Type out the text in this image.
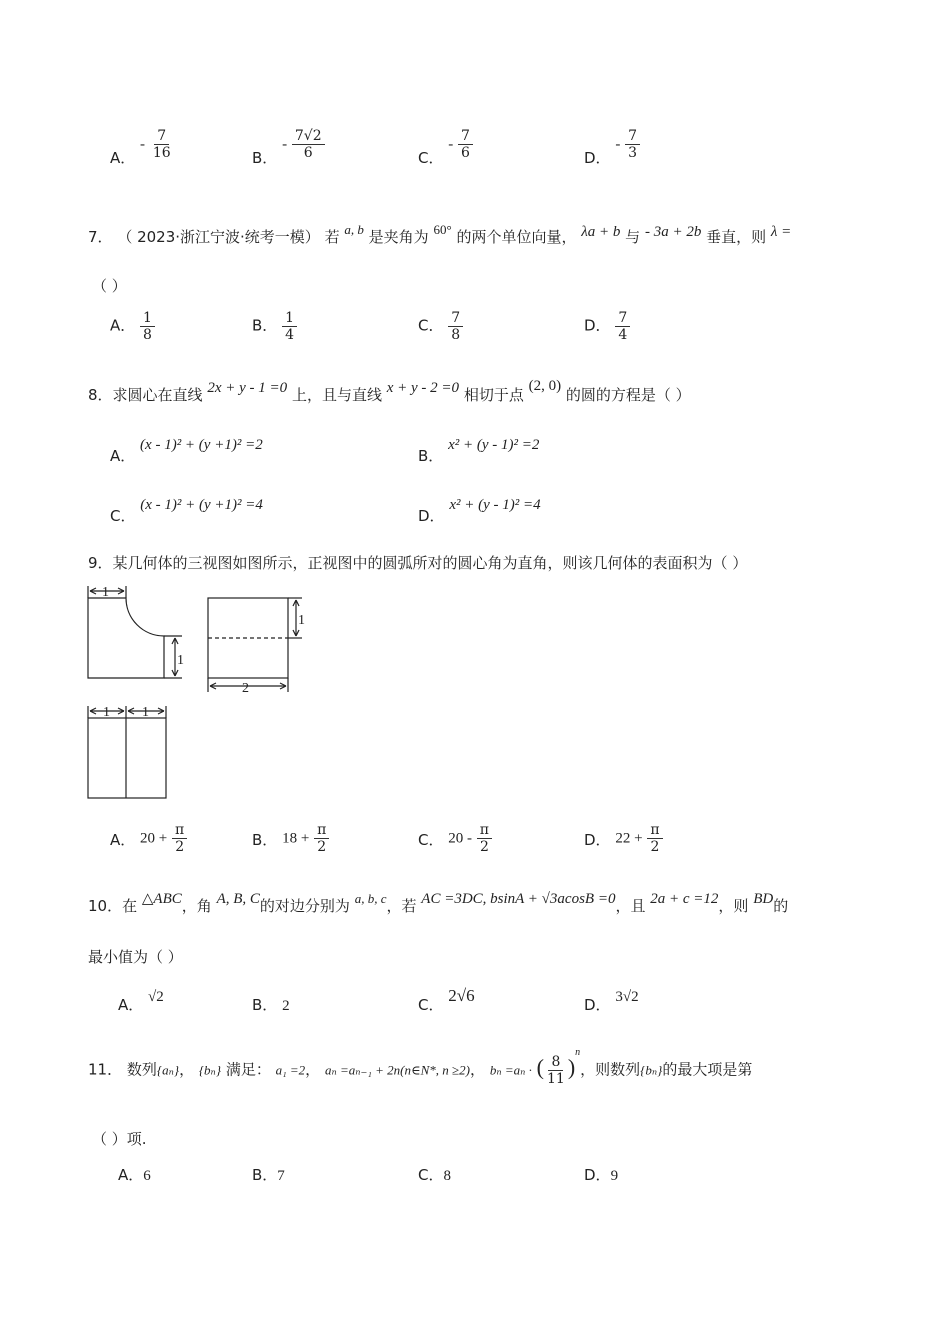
A． - $\frac{7}{16}$	B． - $\frac{7√2}{6}$	C． - $\frac{7}{6}$	D． - $\frac{7}{3}$
7． （ 2023·浙江宁波·统考一模） 若 a, b 是夹角为 60° 的两个单位向量， λa + b 与 - 3a + 2b 垂直，则 λ =
（ ）
A． $\frac{1}{8}$	B． $\frac{1}{4}$	C． $\frac{7}{8}$	D． $\frac{7}{4}$
8．求圆心在直线 2x + y - 1 =0 上，且与直线 x + y - 2 =0 相切于点 (2, 0) 的圆的方程是（ ）
A． (x - 1)² + (y +1)² =2
B． x² + (y - 1)² =2
C． (x - 1)² + (y +1)² =4
D． x² + (y - 1)² =4
9．某几何体的三视图如图所示，正视图中的圆弧所对的圆心角为直角，则该几何体的表面积为（ ）
1
1
1
2
1 1
A． $20 + \frac{\pi}{2}$	B． $18 + \frac{\pi}{2}$	C． $20 - \frac{\pi}{2}$	D． $22 + \frac{\pi}{2}$
10．在 △ABC，角 A, B, C的对边分别为 a, b, c，若 AC =3DC, bsinA + √3acosB =0，且 2a + c =12，则 BD的
最小值为（ ）
A． √2	B． 2	C． 2√6	D． 3√2
11． 数列{aₙ}， {bₙ} 满足： a₁ =2， aₙ =aₙ₋₁ + 2n(n∈N*, n ≥2)， bₙ =aₙ · ( $\frac{8}{11} )^n$，则数列{bₙ}的最大项是第
（ ）项.
A．6	B．7	C．8	D．9
